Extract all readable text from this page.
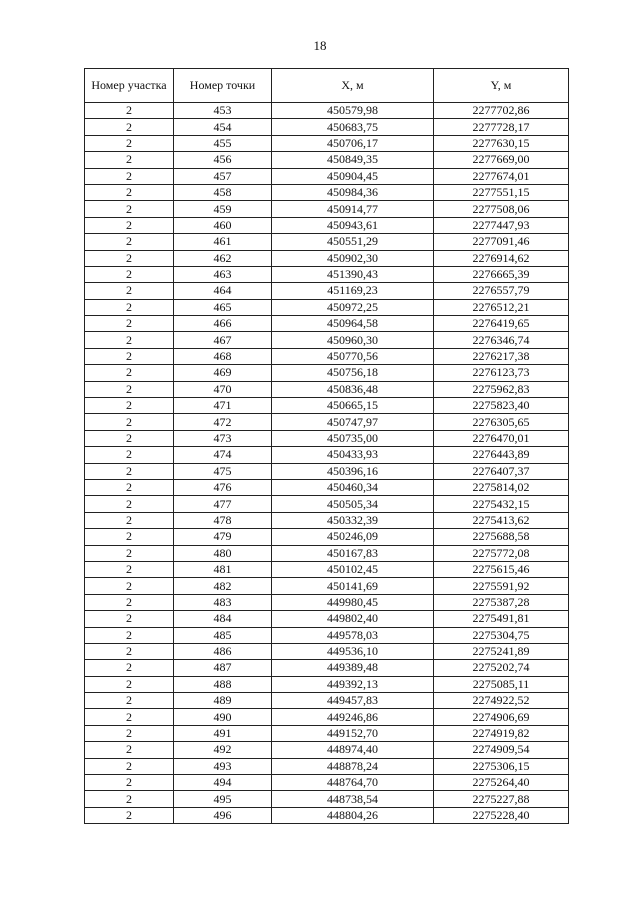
18
Номер участка	Номер точки	X, м	Y, м
2	453	450579,98	2277702,86
2	454	450683,75	2277728,17
2	455	450706,17	2277630,15
2	456	450849,35	2277669,00
2	457	450904,45	2277674,01
2	458	450984,36	2277551,15
2	459	450914,77	2277508,06
2	460	450943,61	2277447,93
2	461	450551,29	2277091,46
2	462	450902,30	2276914,62
2	463	451390,43	2276665,39
2	464	451169,23	2276557,79
2	465	450972,25	2276512,21
2	466	450964,58	2276419,65
2	467	450960,30	2276346,74
2	468	450770,56	2276217,38
2	469	450756,18	2276123,73
2	470	450836,48	2275962,83
2	471	450665,15	2275823,40
2	472	450747,97	2276305,65
2	473	450735,00	2276470,01
2	474	450433,93	2276443,89
2	475	450396,16	2276407,37
2	476	450460,34	2275814,02
2	477	450505,34	2275432,15
2	478	450332,39	2275413,62
2	479	450246,09	2275688,58
2	480	450167,83	2275772,08
2	481	450102,45	2275615,46
2	482	450141,69	2275591,92
2	483	449980,45	2275387,28
2	484	449802,40	2275491,81
2	485	449578,03	2275304,75
2	486	449536,10	2275241,89
2	487	449389,48	2275202,74
2	488	449392,13	2275085,11
2	489	449457,83	2274922,52
2	490	449246,86	2274906,69
2	491	449152,70	2274919,82
2	492	448974,40	2274909,54
2	493	448878,24	2275306,15
2	494	448764,70	2275264,40
2	495	448738,54	2275227,88
2	496	448804,26	2275228,40
